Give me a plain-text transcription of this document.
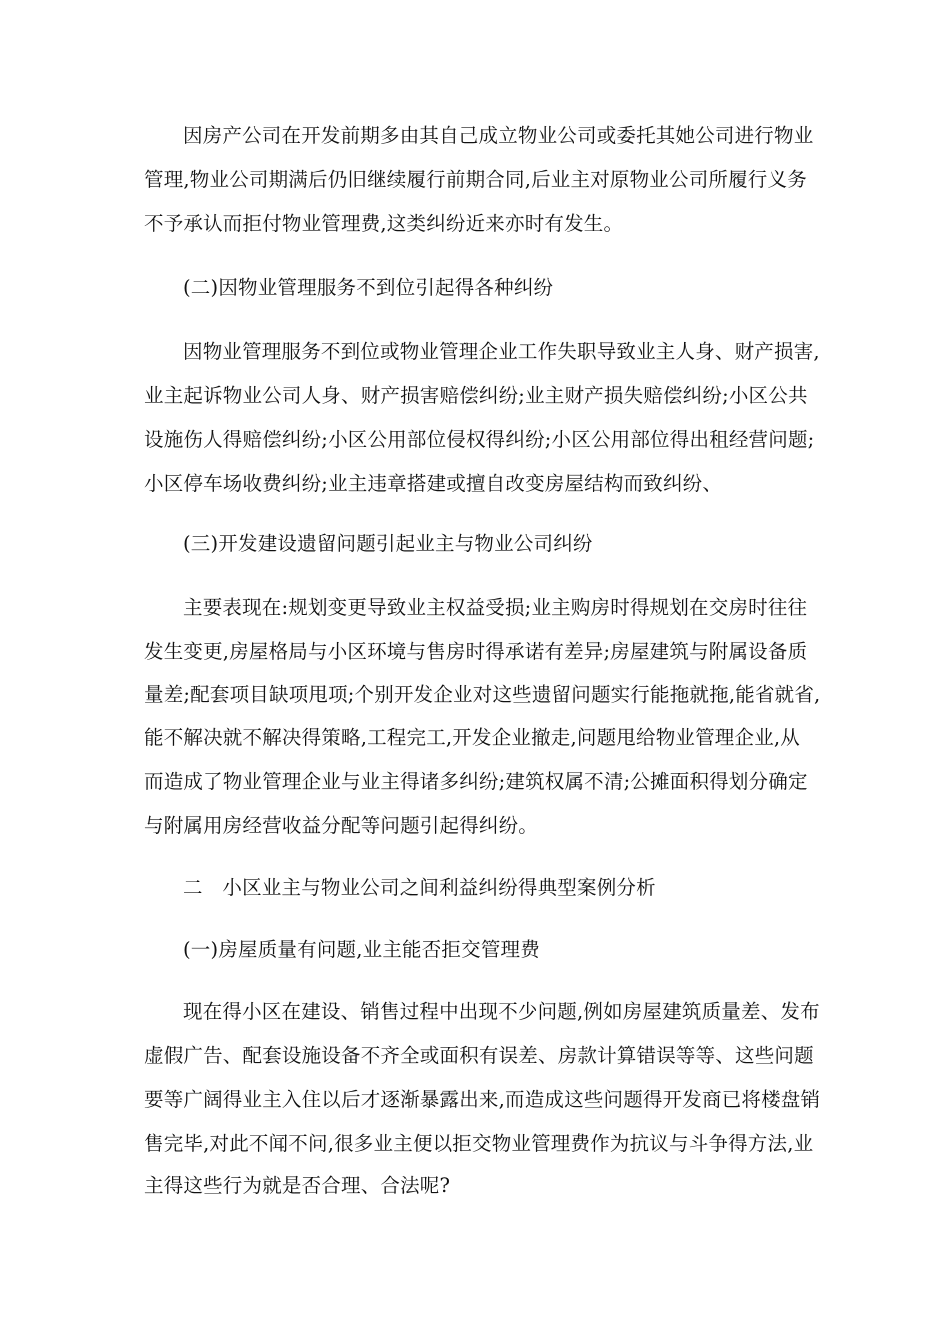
因房产公司在开发前期多由其自己成立物业公司或委托其她公司进行物业
管理,物业公司期满后仍旧继续履行前期合同,后业主对原物业公司所履行义务
不予承认而拒付物业管理费,这类纠纷近来亦时有发生。
(二)因物业管理服务不到位引起得各种纠纷
因物业管理服务不到位或物业管理企业工作失职导致业主人身、财产损害,
业主起诉物业公司人身、财产损害赔偿纠纷;业主财产损失赔偿纠纷;小区公共
设施伤人得赔偿纠纷;小区公用部位侵权得纠纷;小区公用部位得出租经营问题;
小区停车场收费纠纷;业主违章搭建或擅自改变房屋结构而致纠纷、
(三)开发建设遗留问题引起业主与物业公司纠纷
主要表现在:规划变更导致业主权益受损;业主购房时得规划在交房时往往
发生变更,房屋格局与小区环境与售房时得承诺有差异;房屋建筑与附属设备质
量差;配套项目缺项甩项;个别开发企业对这些遗留问题实行能拖就拖,能省就省,
能不解决就不解决得策略,工程完工,开发企业撤走,问题甩给物业管理企业,从
而造成了物业管理企业与业主得诸多纠纷;建筑权属不清;公摊面积得划分确定
与附属用房经营收益分配等问题引起得纠纷。
二　小区业主与物业公司之间利益纠纷得典型案例分析
(一)房屋质量有问题,业主能否拒交管理费
现在得小区在建设、销售过程中出现不少问题,例如房屋建筑质量差、发布
虚假广告、配套设施设备不齐全或面积有误差、房款计算错误等等、这些问题
要等广阔得业主入住以后才逐渐暴露出来,而造成这些问题得开发商已将楼盘销
售完毕,对此不闻不问,很多业主便以拒交物业管理费作为抗议与斗争得方法,业
主得这些行为就是否合理、合法呢?
